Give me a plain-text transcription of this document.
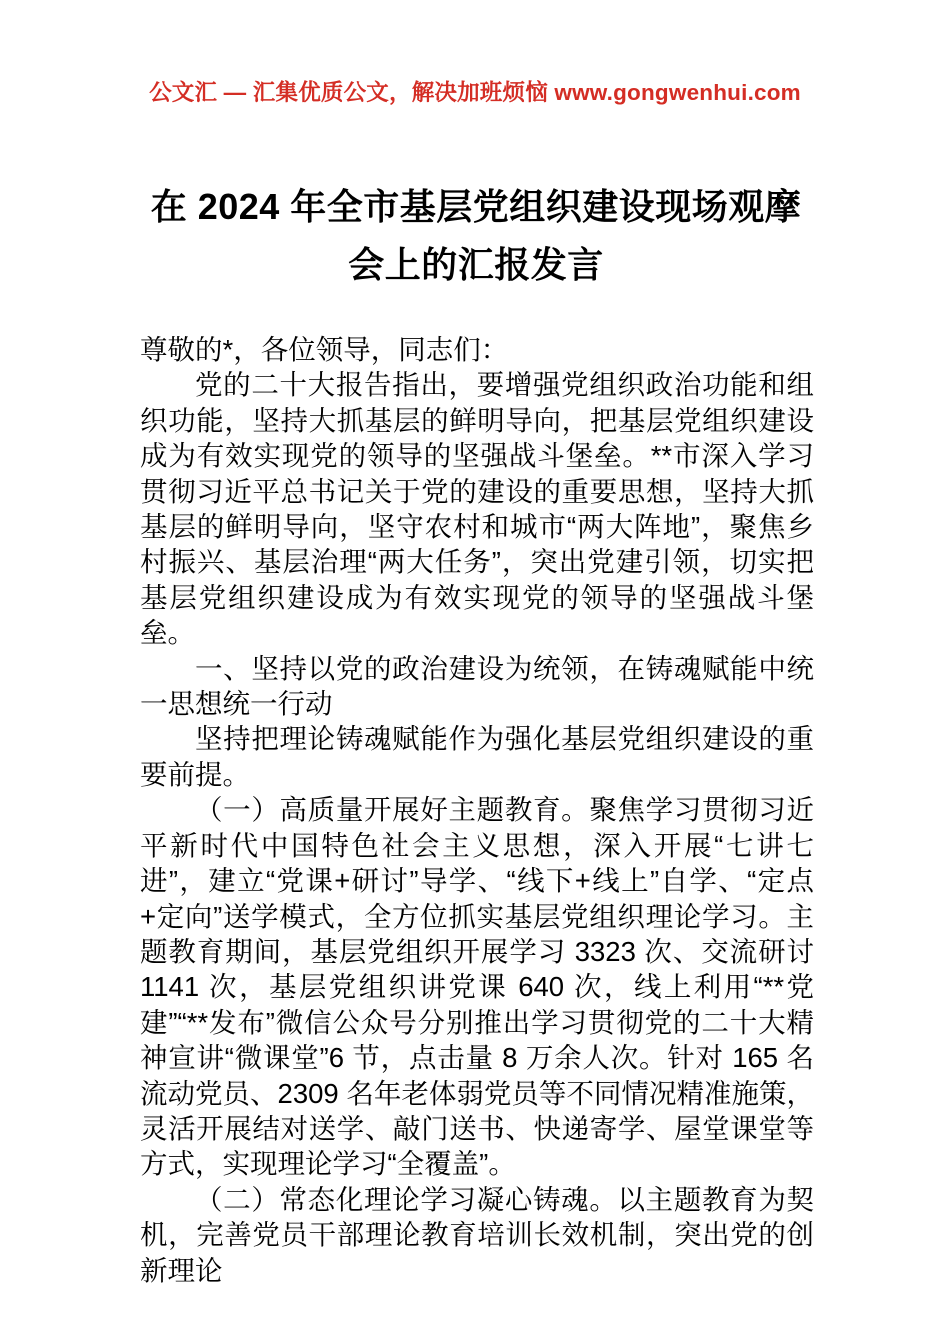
公文汇 — 汇集优质公文，解决加班烦恼 www.gongwenhui.com
在 2024 年全市基层党组织建设现场观摩会上的汇报发言

尊敬的*，各位领导，同志们：

党的二十大报告指出，要增强党组织政治功能和组织功能，坚持大抓基层的鲜明导向，把基层党组织建设成为有效实现党的领导的坚强战斗堡垒。**市深入学习贯彻习近平总书记关于党的建设的重要思想，坚持大抓基层的鲜明导向，坚守农村和城市“两大阵地”，聚焦乡村振兴、基层治理“两大任务”，突出党建引领，切实把基层党组织建设成为有效实现党的领导的坚强战斗堡垒。

一、坚持以党的政治建设为统领，在铸魂赋能中统一思想统一行动

坚持把理论铸魂赋能作为强化基层党组织建设的重要前提。

（一）高质量开展好主题教育。聚焦学习贯彻习近平新时代中国特色社会主义思想，深入开展“七讲七进”，建立“党课+研讨”导学、“线下+线上”自学、“定点+定向”送学模式，全方位抓实基层党组织理论学习。主题教育期间，基层党组织开展学习 3323 次、交流研讨 1141 次，基层党组织讲党课 640 次，线上利用“**党建”“**发布”微信公众号分别推出学习贯彻党的二十大精神宣讲“微课堂”6 节，点击量 8 万余人次。针对 165 名流动党员、2309 名年老体弱党员等不同情况精准施策，灵活开展结对送学、敲门送书、快递寄学、屋堂课堂等方式，实现理论学习“全覆盖”。

（二）常态化理论学习凝心铸魂。以主题教育为契机，完善党员干部理论教育培训长效机制，突出党的创新理论
